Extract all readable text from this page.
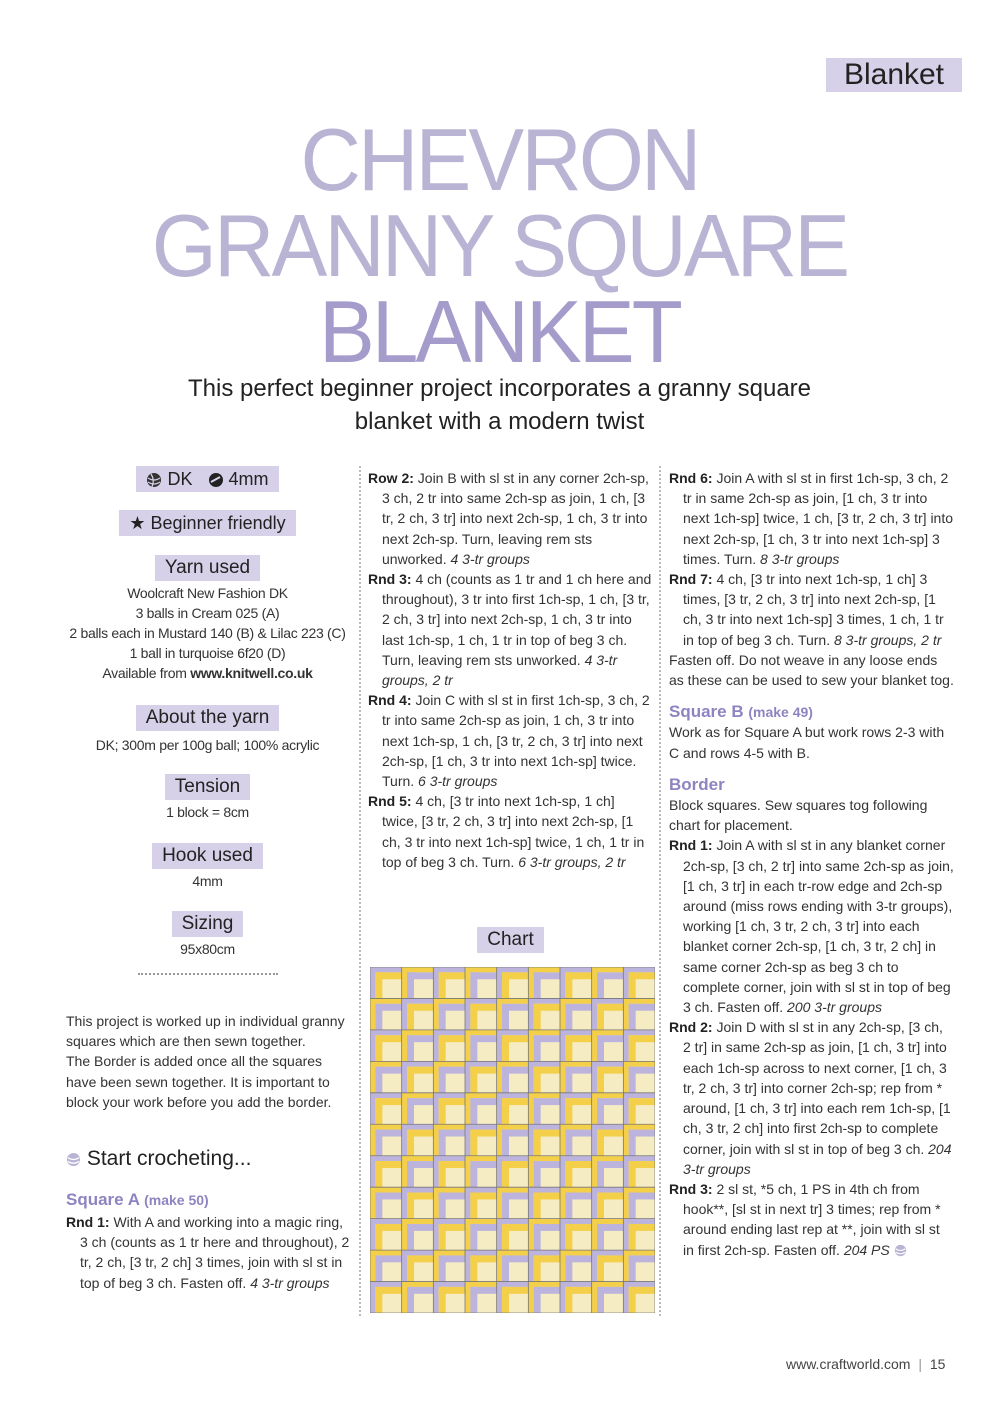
Blanket
CHEVRON
GRANNY SQUARE
BLANKET
This perfect beginner project incorporates a granny square
blanket with a modern twist
DK 4mm
★ Beginner friendly
Yarn used
Woolcraft New Fashion DK
3 balls in Cream 025 (A)
2 balls each in Mustard 140 (B) & Lilac 223 (C)
1 ball in turquoise 6f20 (D)
Available from www.knitwell.co.uk
About the yarn
DK; 300m per 100g ball; 100% acrylic
Tension
1 block = 8cm
Hook used
4mm
Sizing
95x80cm
This project is worked up in individual granny squares which are then sewn together.
The Border is added once all the squares have been sewn together. It is important to block your work before you add the border.
Start crocheting...
Square A (make 50)

Rnd 1: With A and working into a magic ring, 3 ch (counts as 1 tr here and throughout), 2 tr, 2 ch, [3 tr, 2 ch] 3 times, join with sl st in top of beg 3 ch. Fasten off. 4 3-tr groups

Row 2: Join B with sl st in any corner 2ch-sp, 3 ch, 2 tr into same 2ch-sp as join, 1 ch, [3 tr, 2 ch, 3 tr] into next 2ch-sp, 1 ch, 3 tr into next 2ch-sp. Turn, leaving rem sts unworked. 4 3-tr groups

Rnd 3: 4 ch (counts as 1 tr and 1 ch here and throughout), 3 tr into first 1ch-sp, 1 ch, [3 tr, 2 ch, 3 tr] into next 2ch-sp, 1 ch, 3 tr into last 1ch-sp, 1 ch, 1 tr in top of beg 3 ch. Turn, leaving rem sts unworked. 4 3-tr groups, 2 tr

Rnd 4: Join C with sl st in first 1ch-sp, 3 ch, 2 tr into same 2ch-sp as join, 1 ch, 3 tr into next 1ch-sp, 1 ch, [3 tr, 2 ch, 3 tr] into next 2ch-sp, [1 ch, 3 tr into next 1ch-sp] twice. Turn. 6 3-tr groups

Rnd 5: 4 ch, [3 tr into next 1ch-sp, 1 ch] twice, [3 tr, 2 ch, 3 tr] into next 2ch-sp, [1 ch, 3 tr into next 1ch-sp] twice, 1 ch, 1 tr in top of beg 3 ch. Turn. 6 3-tr groups, 2 tr

Chart

Rnd 6: Join A with sl st in first 1ch-sp, 3 ch, 2 tr in same 2ch-sp as join, [1 ch, 3 tr into next 1ch-sp] twice, 1 ch, [3 tr, 2 ch, 3 tr] into next 2ch-sp, [1 ch, 3 tr into next 1ch-sp] 3 times. Turn. 8 3-tr groups

Rnd 7: 4 ch, [3 tr into next 1ch-sp, 1 ch] 3 times, [3 tr, 2 ch, 3 tr] into next 2ch-sp, [1 ch, 3 tr into next 1ch-sp] 3 times, 1 ch, 1 tr in top of beg 3 ch. Turn. 8 3-tr groups, 2 tr

Fasten off. Do not weave in any loose ends as these can be used to sew your blanket tog.

Square B (make 49)

Work as for Square A but work rows 2-3 with C and rows 4-5 with B.

Border

Block squares. Sew squares tog following chart for placement.

Rnd 1: Join A with sl st in any blanket corner 2ch-sp, [3 ch, 2 tr] into same 2ch-sp as join, [1 ch, 3 tr] in each tr-row edge and 2ch-sp around (miss rows ending with 3-tr groups), working [1 ch, 3 tr, 2 ch, 3 tr] into each blanket corner 2ch-sp, [1 ch, 3 tr, 2 ch] in same corner 2ch-sp as beg 3 ch to complete corner, join with sl st in top of beg 3 ch. Fasten off. 200 3-tr groups

Rnd 2: Join D with sl st in any 2ch-sp, [3 ch, 2 tr] in same 2ch-sp as join, [1 ch, 3 tr] into each 1ch-sp across to next corner, [1 ch, 3 tr, 2 ch, 3 tr] into corner 2ch-sp; rep from * around, [1 ch, 3 tr] into each rem 1ch-sp, [1 ch, 3 tr, 2 ch] into first 2ch-sp to complete corner, join with sl st in top of beg 3 ch. 204 3-tr groups

Rnd 3: 2 sl st, *5 ch, 1 PS in 4th ch from hook**, [sl st in next tr] 3 times; rep from * around ending last rep at **, join with sl st in first 2ch-sp. Fasten off. 204 PS

www.craftworld.com | 15
